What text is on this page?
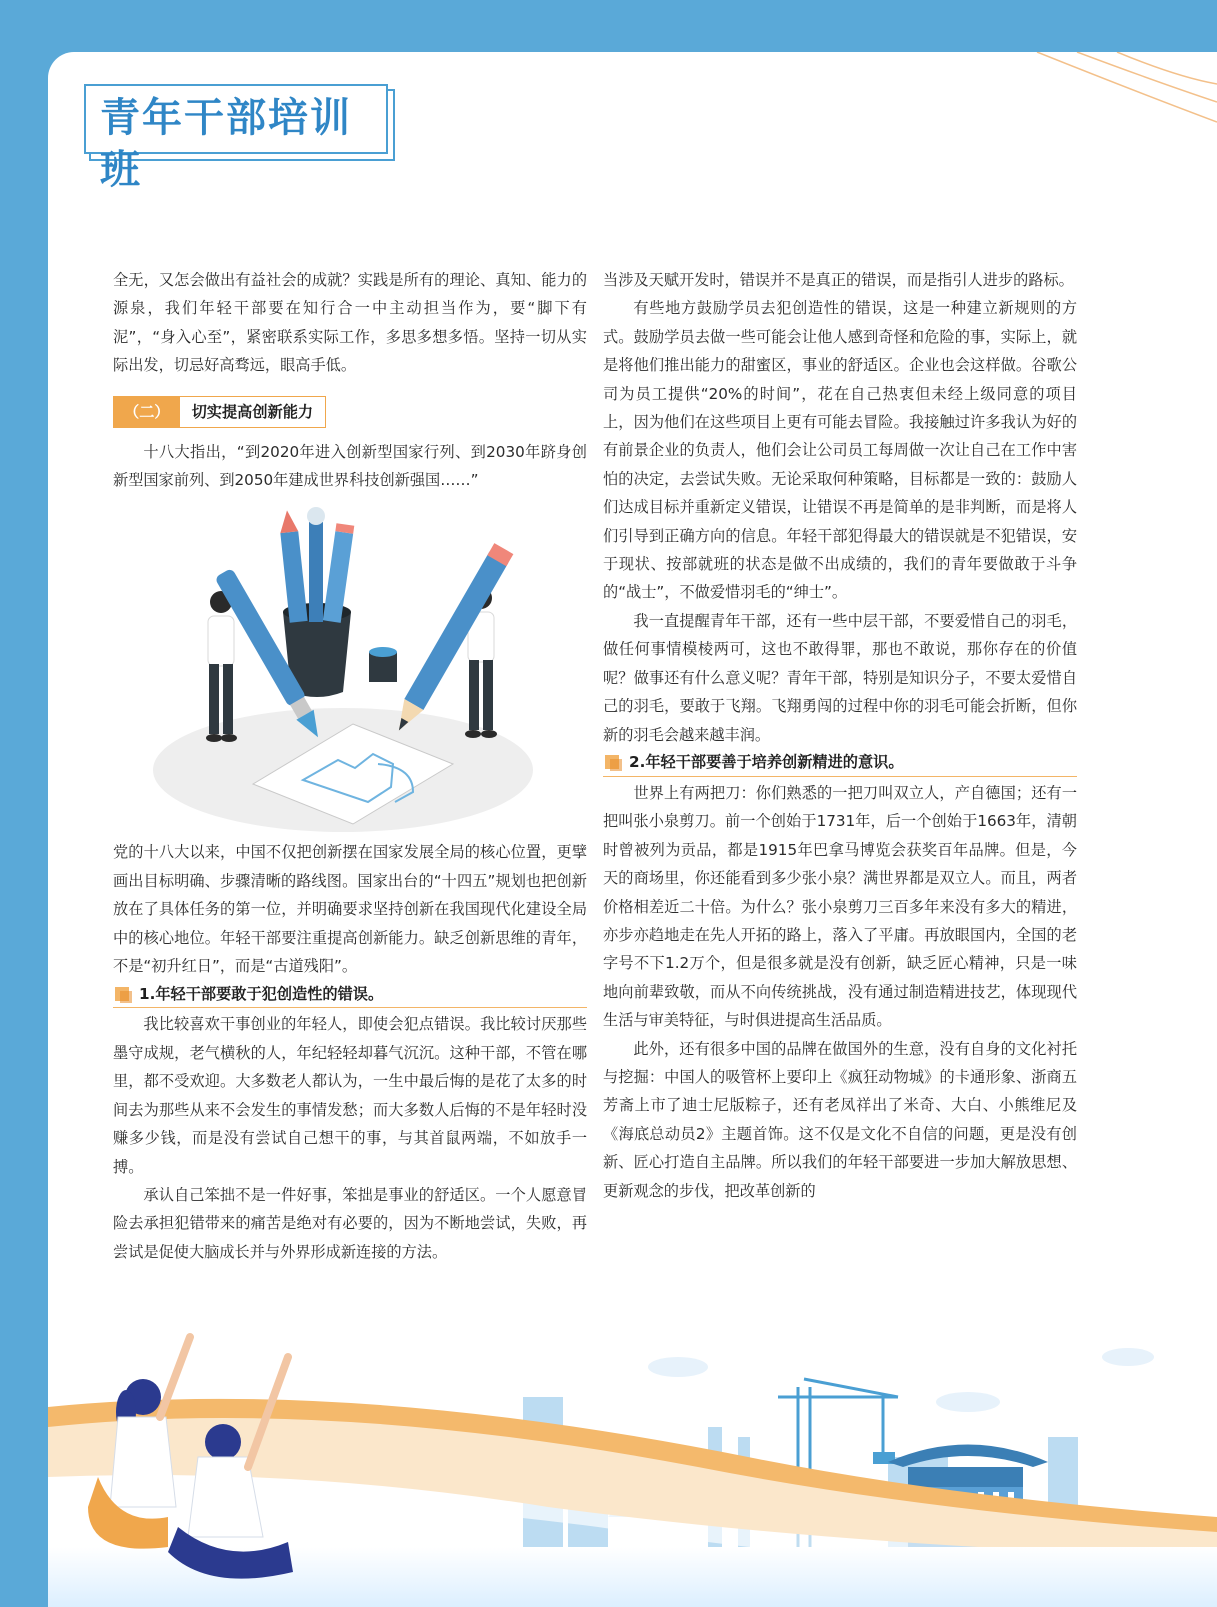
青年干部培训班

全无，又怎会做出有益社会的成就？实践是所有的理论、真知、能力的源泉，我们年轻干部要在知行合一中主动担当作为，要“脚下有泥”，“身入心至”，紧密联系实际工作，多思多想多悟。坚持一切从实际出发，切忌好高骛远，眼高手低。

（二）	切实提高创新能力

十八大指出，“到2020年进入创新型国家行列、到2030年跻身创新型国家前列、到2050年建成世界科技创新强国……”

党的十八大以来，中国不仅把创新摆在国家发展全局的核心位置，更擘画出目标明确、步骤清晰的路线图。国家出台的“十四五”规划也把创新放在了具体任务的第一位，并明确要求坚持创新在我国现代化建设全局中的核心地位。年轻干部要注重提高创新能力。缺乏创新思维的青年，不是“初升红日”，而是“古道残阳”。

1.年轻干部要敢于犯创造性的错误。

我比较喜欢干事创业的年轻人，即使会犯点错误。我比较讨厌那些墨守成规，老气横秋的人，年纪轻轻却暮气沉沉。这种干部，不管在哪里，都不受欢迎。大多数老人都认为，一生中最后悔的是花了太多的时间去为那些从来不会发生的事情发愁；而大多数人后悔的不是年轻时没赚多少钱，而是没有尝试自己想干的事，与其首鼠两端，不如放手一搏。

承认自己笨拙不是一件好事，笨拙是事业的舒适区。一个人愿意冒险去承担犯错带来的痛苦是绝对有必要的，因为不断地尝试，失败，再尝试是促使大脑成长并与外界形成新连接的方法。

当涉及天赋开发时，错误并不是真正的错误，而是指引人进步的路标。

有些地方鼓励学员去犯创造性的错误，这是一种建立新规则的方式。鼓励学员去做一些可能会让他人感到奇怪和危险的事，实际上，就是将他们推出能力的甜蜜区，事业的舒适区。企业也会这样做。谷歌公司为员工提供“20%的时间”，花在自己热衷但未经上级同意的项目上，因为他们在这些项目上更有可能去冒险。我接触过许多我认为好的有前景企业的负责人，他们会让公司员工每周做一次让自己在工作中害怕的决定，去尝试失败。无论采取何种策略，目标都是一致的：鼓励人们达成目标并重新定义错误，让错误不再是简单的是非判断，而是将人们引导到正确方向的信息。年轻干部犯得最大的错误就是不犯错误，安于现状、按部就班的状态是做不出成绩的，我们的青年要做敢于斗争的“战士”，不做爱惜羽毛的“绅士”。

我一直提醒青年干部，还有一些中层干部，不要爱惜自己的羽毛，做任何事情模棱两可，这也不敢得罪，那也不敢说，那你存在的价值呢？做事还有什么意义呢？青年干部，特别是知识分子，不要太爱惜自己的羽毛，要敢于飞翔。飞翔勇闯的过程中你的羽毛可能会折断，但你新的羽毛会越来越丰润。

2.年轻干部要善于培养创新精进的意识。

世界上有两把刀：你们熟悉的一把刀叫双立人，产自德国；还有一把叫张小泉剪刀。前一个创始于1731年，后一个创始于1663年，清朝时曾被列为贡品，都是1915年巴拿马博览会获奖百年品牌。但是，今天的商场里，你还能看到多少张小泉？满世界都是双立人。而且，两者价格相差近二十倍。为什么？张小泉剪刀三百多年来没有多大的精进，亦步亦趋地走在先人开拓的路上，落入了平庸。再放眼国内，全国的老字号不下1.2万个，但是很多就是没有创新，缺乏匠心精神，只是一味地向前辈致敬，而从不向传统挑战，没有通过制造精进技艺，体现现代生活与审美特征，与时俱进提高生活品质。

此外，还有很多中国的品牌在做国外的生意，没有自身的文化衬托与挖掘：中国人的吸管杯上要印上《疯狂动物城》的卡通形象、浙商五芳斋上市了迪士尼版粽子，还有老凤祥出了米奇、大白、小熊维尼及《海底总动员2》主题首饰。这不仅是文化不自信的问题，更是没有创新、匠心打造自主品牌。所以我们的年轻干部要进一步加大解放思想、更新观念的步伐，把改革创新的
